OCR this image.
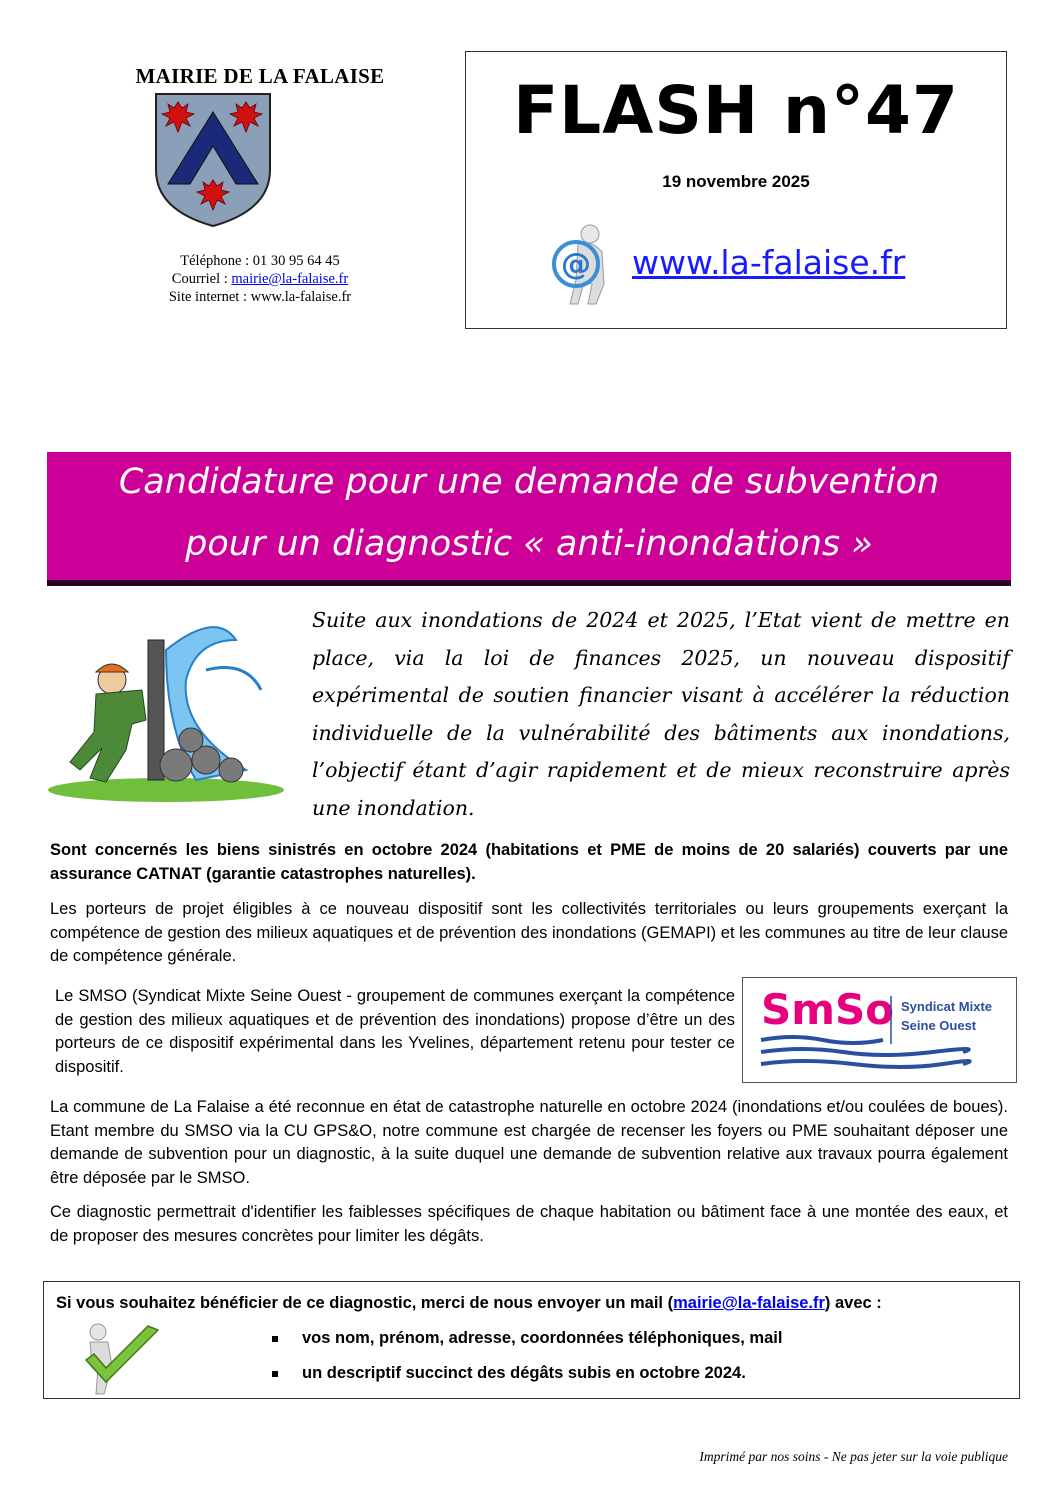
MAIRIE DE LA FALAISE
Téléphone : 01 30 95 64 45
Courriel : mairie@la-falaise.fr
Site internet : www.la-falaise.fr
FLASH n°47
19 novembre 2025
@ www.la-falaise.fr
Candidature pour une demande de subvention
pour un diagnostic « anti-inondations »
Suite aux inondations de 2024 et 2025, l’Etat vient de mettre en place, via la loi de finances 2025, un nouveau dispositif expérimental de soutien financier visant à accélérer la réduction individuelle de la vulnérabilité des bâtiments aux inondations, l’objectif étant d’agir rapidement et de mieux reconstruire après une inondation.
Sont concernés les biens sinistrés en octobre 2024 (habitations et PME de moins de 20 salariés) couverts par une assurance CATNAT (garantie catastrophes naturelles).
Les porteurs de projet éligibles à ce nouveau dispositif sont les collectivités territoriales ou leurs groupements exerçant la compétence de gestion des milieux aquatiques et de prévention des inondations (GEMAPI) et les communes au titre de leur clause de compétence générale.
Le SMSO (Syndicat Mixte Seine Ouest - groupement de communes exerçant la compétence de gestion des milieux aquatiques et de prévention des inondations) propose d’être un des porteurs de ce dispositif expérimental dans les Yvelines, département retenu pour tester ce dispositif.
SmSo Syndicat Mixte
Seine Ouest
La commune de La Falaise a été reconnue en état de catastrophe naturelle en octobre 2024 (inondations et/ou coulées de boues). Etant membre du SMSO via la CU GPS&O, notre commune est chargée de recenser les foyers ou PME souhaitant déposer une demande de subvention pour un diagnostic, à la suite duquel une demande de subvention relative aux travaux pourra également être déposée par le SMSO.
Ce diagnostic permettrait d'identifier les faiblesses spécifiques de chaque habitation ou bâtiment face à une montée des eaux, et de proposer des mesures concrètes pour limiter les dégâts.
Si vous souhaitez bénéficier de ce diagnostic, merci de nous envoyer un mail (mairie@la-falaise.fr) avec :
vos nom, prénom, adresse, coordonnées téléphoniques, mail
un descriptif succinct des dégâts subis en octobre 2024.
Imprimé par nos soins - Ne pas jeter sur la voie publique
